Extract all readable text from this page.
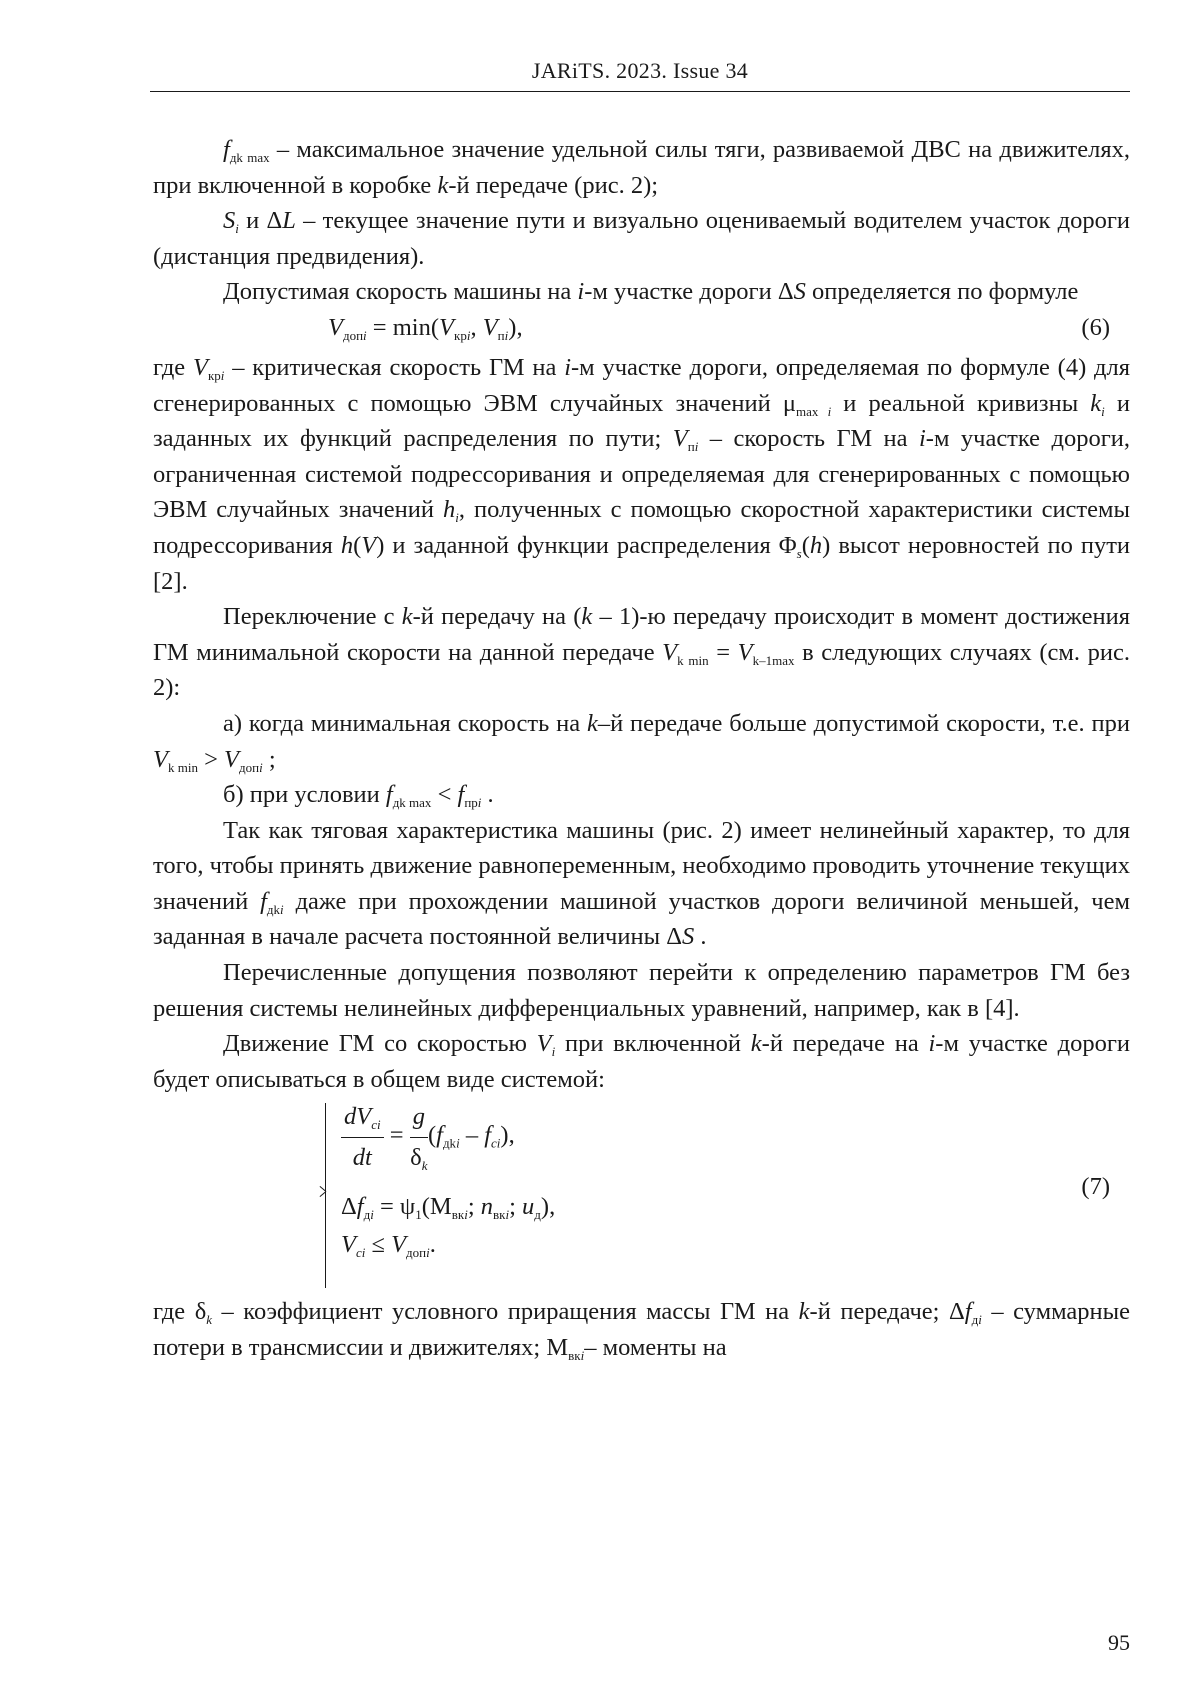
JARiTS. 2023. Issue 34

$f_{дk max}$ – максимальное значение удельной силы тяги, развиваемой ДВС на движителях, при включенной в коробке k-й передаче (рис. 2);

$S_i$ и ΔL – текущее значение пути и визуально оцениваемый водителем участок дороги (дистанция предвидения).

Допустимая скорость машины на i-м участке дороги ΔS определяется по формуле

$V_{допi} = \min(V_{крi}$, $V_{пi}$),	(6)

где $V_{крi}$ – критическая скорость ГМ на i-м участке дороги, определяемая по формуле (4) для сгенерированных с помощью ЭВМ случайных значений $\mu_{max i}$ и реальной кривизны $k_i$ и заданных их функций распределения по пути; $V_{пi}$ – скорость ГМ на i-м участке дороги, ограниченная системой подрессоривания и определяемая для сгенерированных с помощью ЭВМ случайных значений $h_i$, полученных с помощью скоростной характеристики системы подрессоривания h(V) и заданной функции распределения $\Phi_s(h)$ высот неровностей по пути [2].

Переключение с k-й передачу на (k – 1)-ю передачу происходит в момент достижения ГМ минимальной скорости на данной передаче $V_{k min} = V_{k-1max}$ в следующих случаях (см. рис. 2):

а) когда минимальная скорость на k–й передаче больше допустимой скорости, т.е. при $V_{k min} > V_{допi}$ ;

б) при условии $f_{дk max} < f_{прi}$ .

Так как тяговая характеристика машины (рис. 2) имеет нелинейный характер, то для того, чтобы принять движение равнопеременным, необходимо проводить уточнение текущих значений $f_{дki}$ даже при прохождении машиной участков дороги величиной меньшей, чем заданная в начале расчета постоянной величины ΔS .

Перечисленные допущения позволяют перейти к определению параметров ГМ без решения системы нелинейных дифференциальных уравнений, например, как в [4].

Движение ГМ со скоростью $V_i$ при включенной k-й передаче на i-м участке дороги будет описываться в общем виде системой:

$\frac{dV_{ci}}{dt} = \frac{g}{\delta_k} (f_{дki} - f_{ci})$,
$\Delta f_{дi} = \psi_1(M_{вкi}$; $n_{вкi}$; $u_д$),
$V_{ci} \le V_{допi}$.
(7)

где $\delta_k$ – коэффициент условного приращения массы ГМ на k-й передаче; $\Delta f_{дi}$ – суммарные потери в трансмиссии и движителях; $M_{вкi}-$ моменты на

95
